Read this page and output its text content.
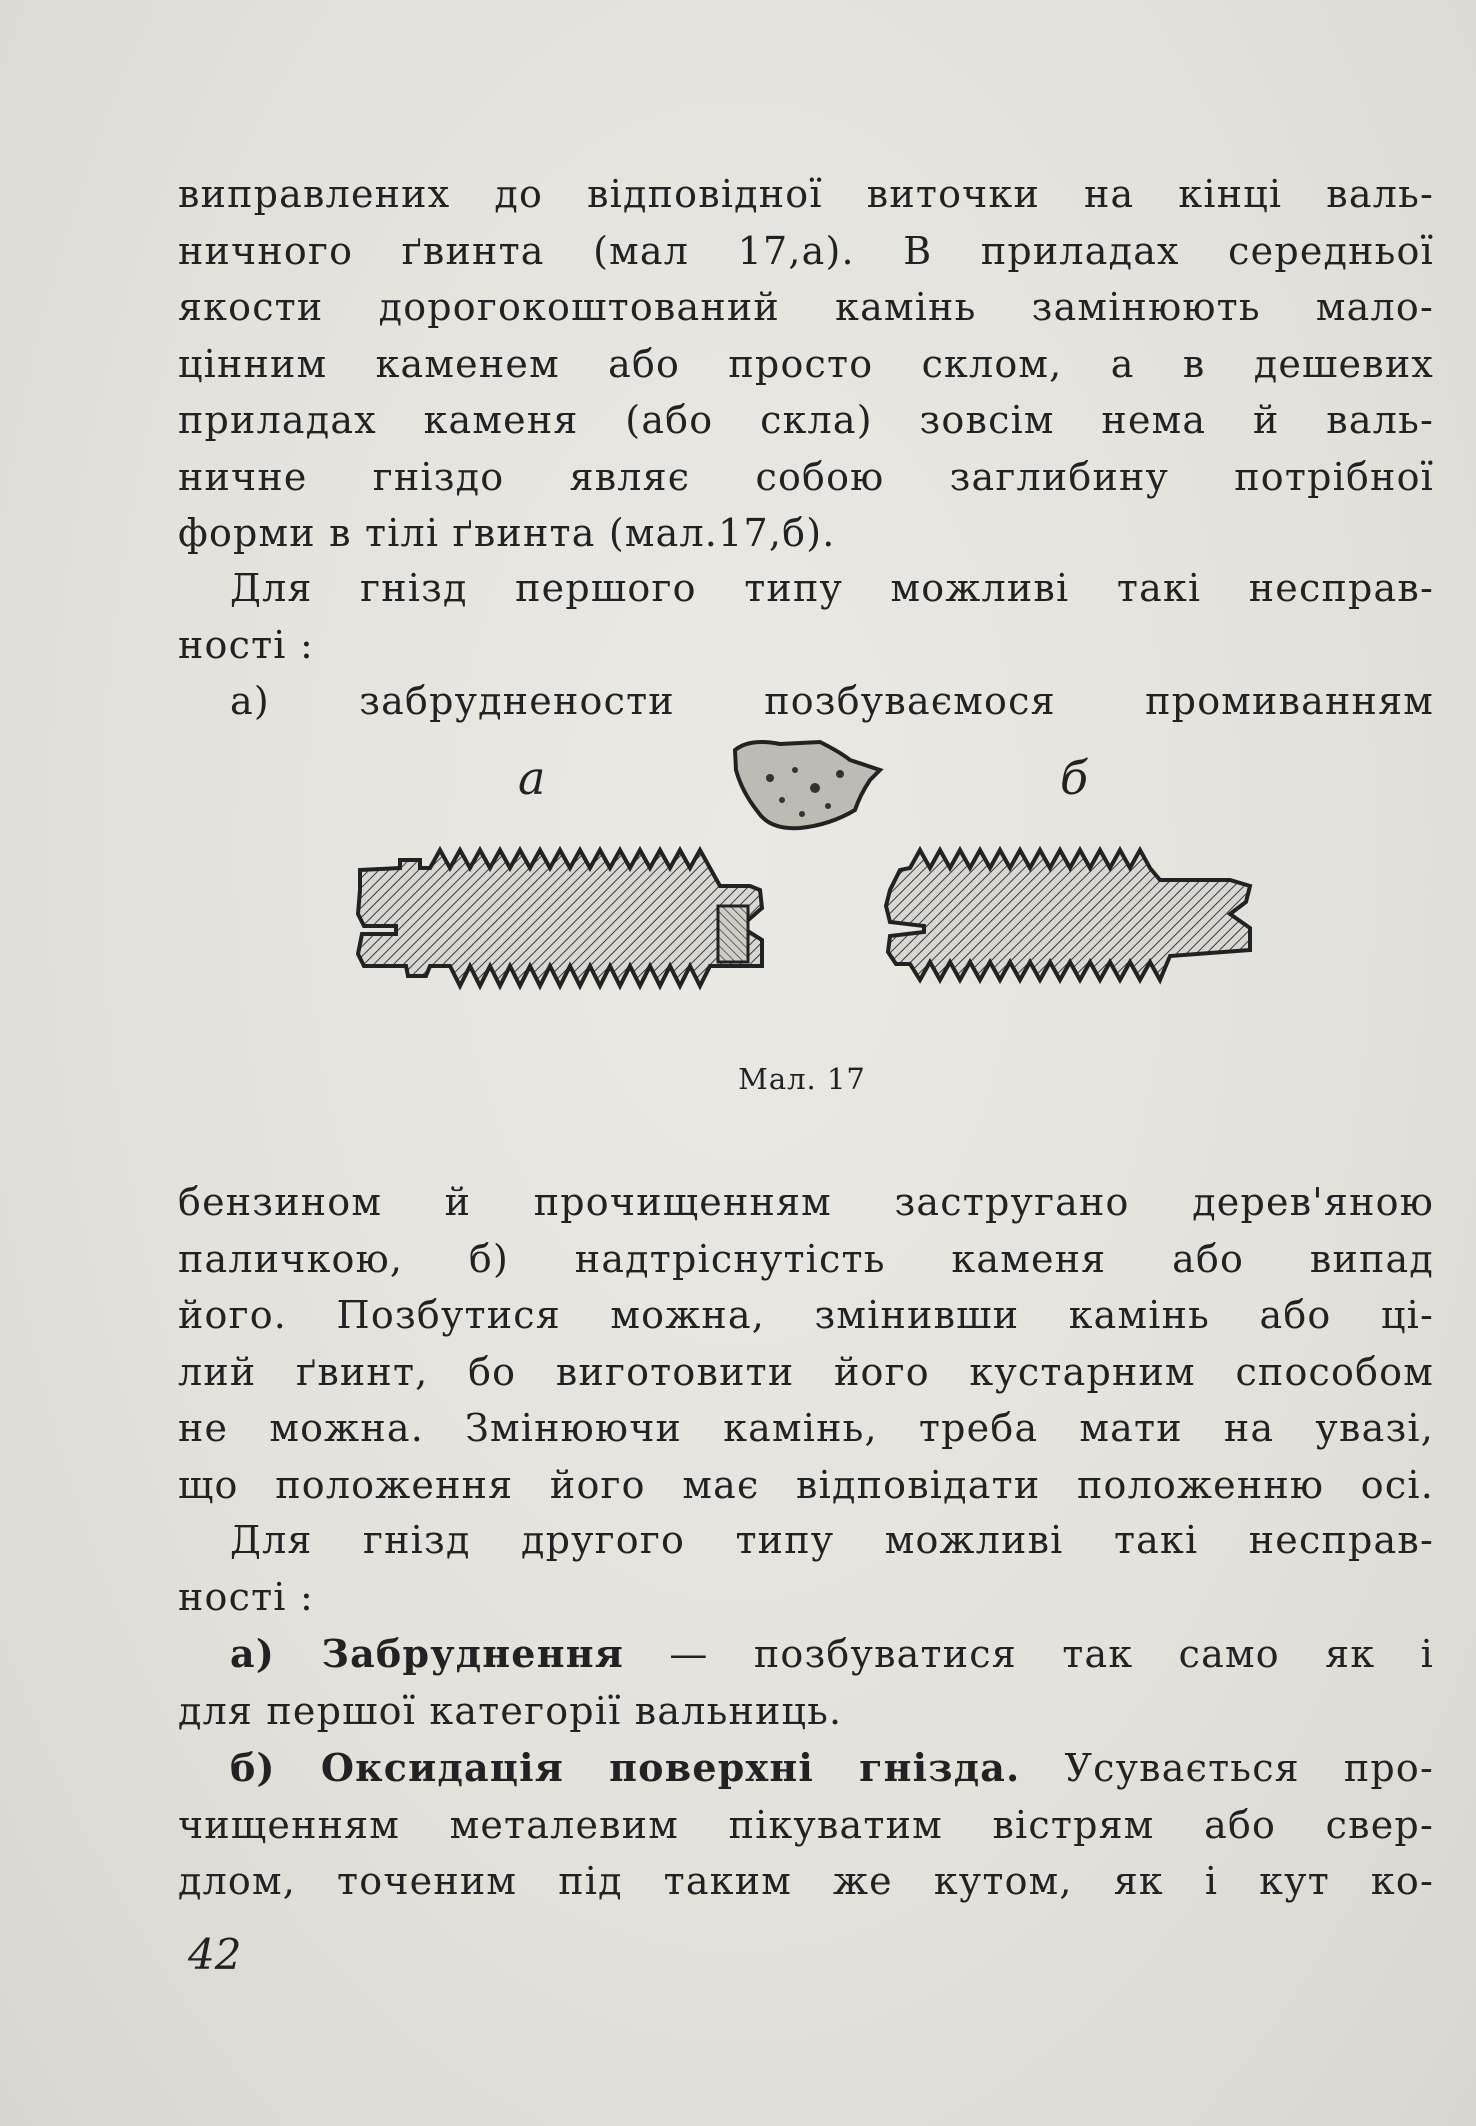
виправлених до відповідної виточки на кінці валь-
ничного ґвинта (мал 17,а). В приладах середньої
якости дорогокоштований камінь замінюють мало-
цінним каменем або просто склом, а в дешевих
приладах каменя (або скла) зовсім нема й валь-
ничне гніздо являє собою заглибину потрібної
форми в тілі ґвинта (мал.17,б).
Для гнізд першого типу можливі такі несправ-
ності :
а) забруднености позбуваємося промиванням
а	б
Мал. 17
бензином й прочищенням застругано дерев'яною
паличкою, б) надтріснутість каменя або випад
його. Позбутися можна, змінивши камінь або ці-
лий ґвинт, бо виготовити його кустарним способом
не можна. Змінюючи камінь, треба мати на увазі,
що положення його має відповідати положенню осі.
Для гнізд другого типу можливі такі несправ-
ності :
а) Забруднення — позбуватися так само як і
для першої категорії вальниць.
б) Оксидація поверхні гнізда. Усувається про-
чищенням металевим пікуватим вістрям або свер-
длом, точеним під таким же кутом, як і кут ко-
42
